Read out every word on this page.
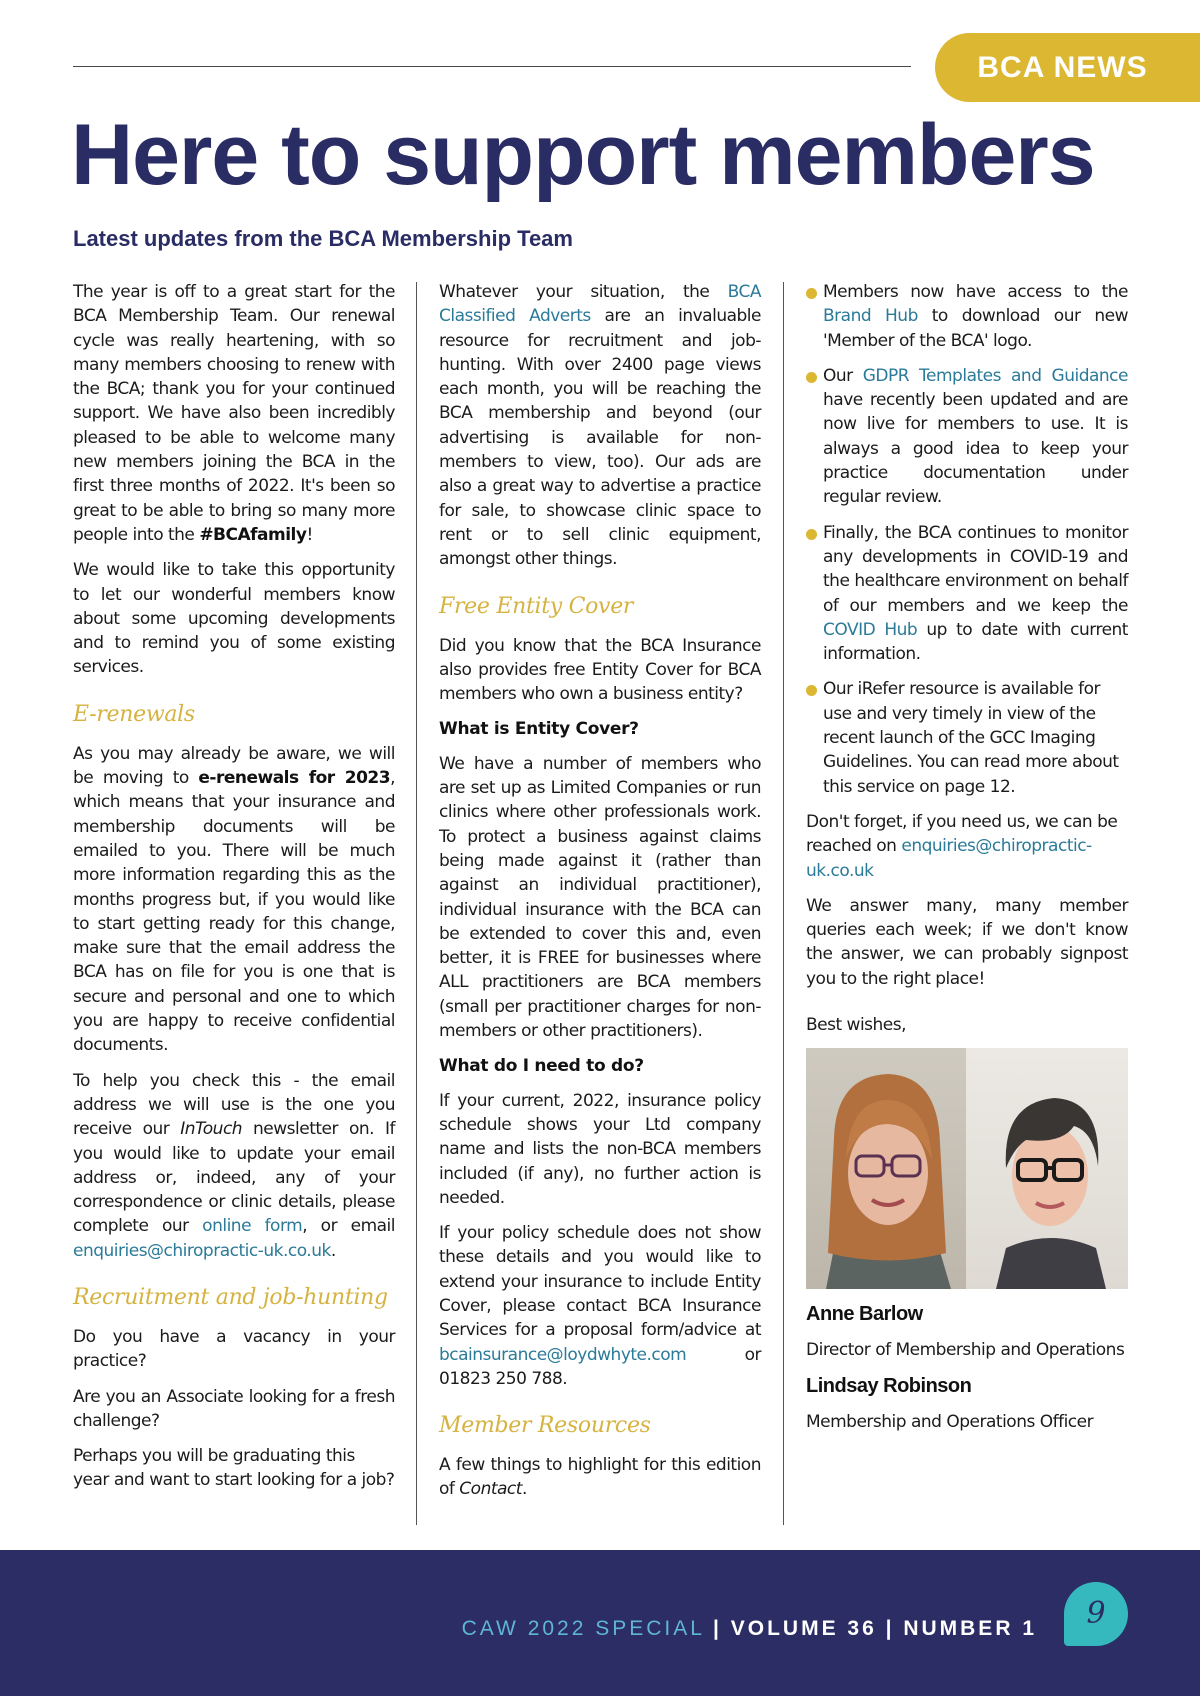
BCA NEWS
Here to support members
Latest updates from the BCA Membership Team

The year is off to a great start for the BCA Membership Team. Our renewal cycle was really heartening, with so many members choosing to renew with the BCA; thank you for your continued support. We have also been incredibly pleased to be able to welcome many new members joining the BCA in the first three months of 2022. It's been so great to be able to bring so many more people into the #BCAfamily!

We would like to take this opportunity to let our wonderful members know about some upcoming developments and to remind you of some existing services.

E-renewals

As you may already be aware, we will be moving to e-renewals for 2023, which means that your insurance and membership documents will be emailed to you. There will be much more information regarding this as the months progress but, if you would like to start getting ready for this change, make sure that the email address the BCA has on file for you is one that is secure and personal and one to which you are happy to receive confidential documents.

To help you check this - the email address we will use is the one you receive our InTouch newsletter on. If you would like to update your email address or, indeed, any of your correspondence or clinic details, please complete our online form, or email enquiries@chiropractic-uk.co.uk.

Recruitment and job-hunting

Do you have a vacancy in your practice?

Are you an Associate looking for a fresh challenge?

Perhaps you will be graduating this year and want to start looking for a job?

Whatever your situation, the BCA Classified Adverts are an invaluable resource for recruitment and job-hunting. With over 2400 page views each month, you will be reaching the BCA membership and beyond (our advertising is available for non-members to view, too). Our ads are also a great way to advertise a practice for sale, to showcase clinic space to rent or to sell clinic equipment, amongst other things.

Free Entity Cover

Did you know that the BCA Insurance also provides free Entity Cover for BCA members who own a business entity?

What is Entity Cover?

We have a number of members who are set up as Limited Companies or run clinics where other professionals work. To protect a business against claims being made against it (rather than against an individual practitioner), individual insurance with the BCA can be extended to cover this and, even better, it is FREE for businesses where ALL practitioners are BCA members (small per practitioner charges for non-members or other practitioners).

What do I need to do?

If your current, 2022, insurance policy schedule shows your Ltd company name and lists the non-BCA members included (if any), no further action is needed.

If your policy schedule does not show these details and you would like to extend your insurance to include Entity Cover, please contact BCA Insurance Services for a proposal form/advice at bcainsurance@loydwhyte.com or 01823 250 788.

Member Resources

A few things to highlight for this edition of Contact.

Members now have access to the Brand Hub to download our new 'Member of the BCA' logo.
Our GDPR Templates and Guidance have recently been updated and are now live for members to use. It is always a good idea to keep your practice documentation under regular review.
Finally, the BCA continues to monitor any developments in COVID-19 and the healthcare environment on behalf of our members and we keep the COVID Hub up to date with current information.
Our iRefer resource is available for use and very timely in view of the recent launch of the GCC Imaging Guidelines. You can read more about this service on page 12.

Don't forget, if you need us, we can be reached on enquiries@chiropractic-uk.co.uk

We answer many, many member queries each week; if we don't know the answer, we can probably signpost you to the right place!

Best wishes,

Anne Barlow

Director of Membership and Operations

Lindsay Robinson

Membership and Operations Officer

CAW 2022 SPECIAL | VOLUME 36 | NUMBER 1	9
